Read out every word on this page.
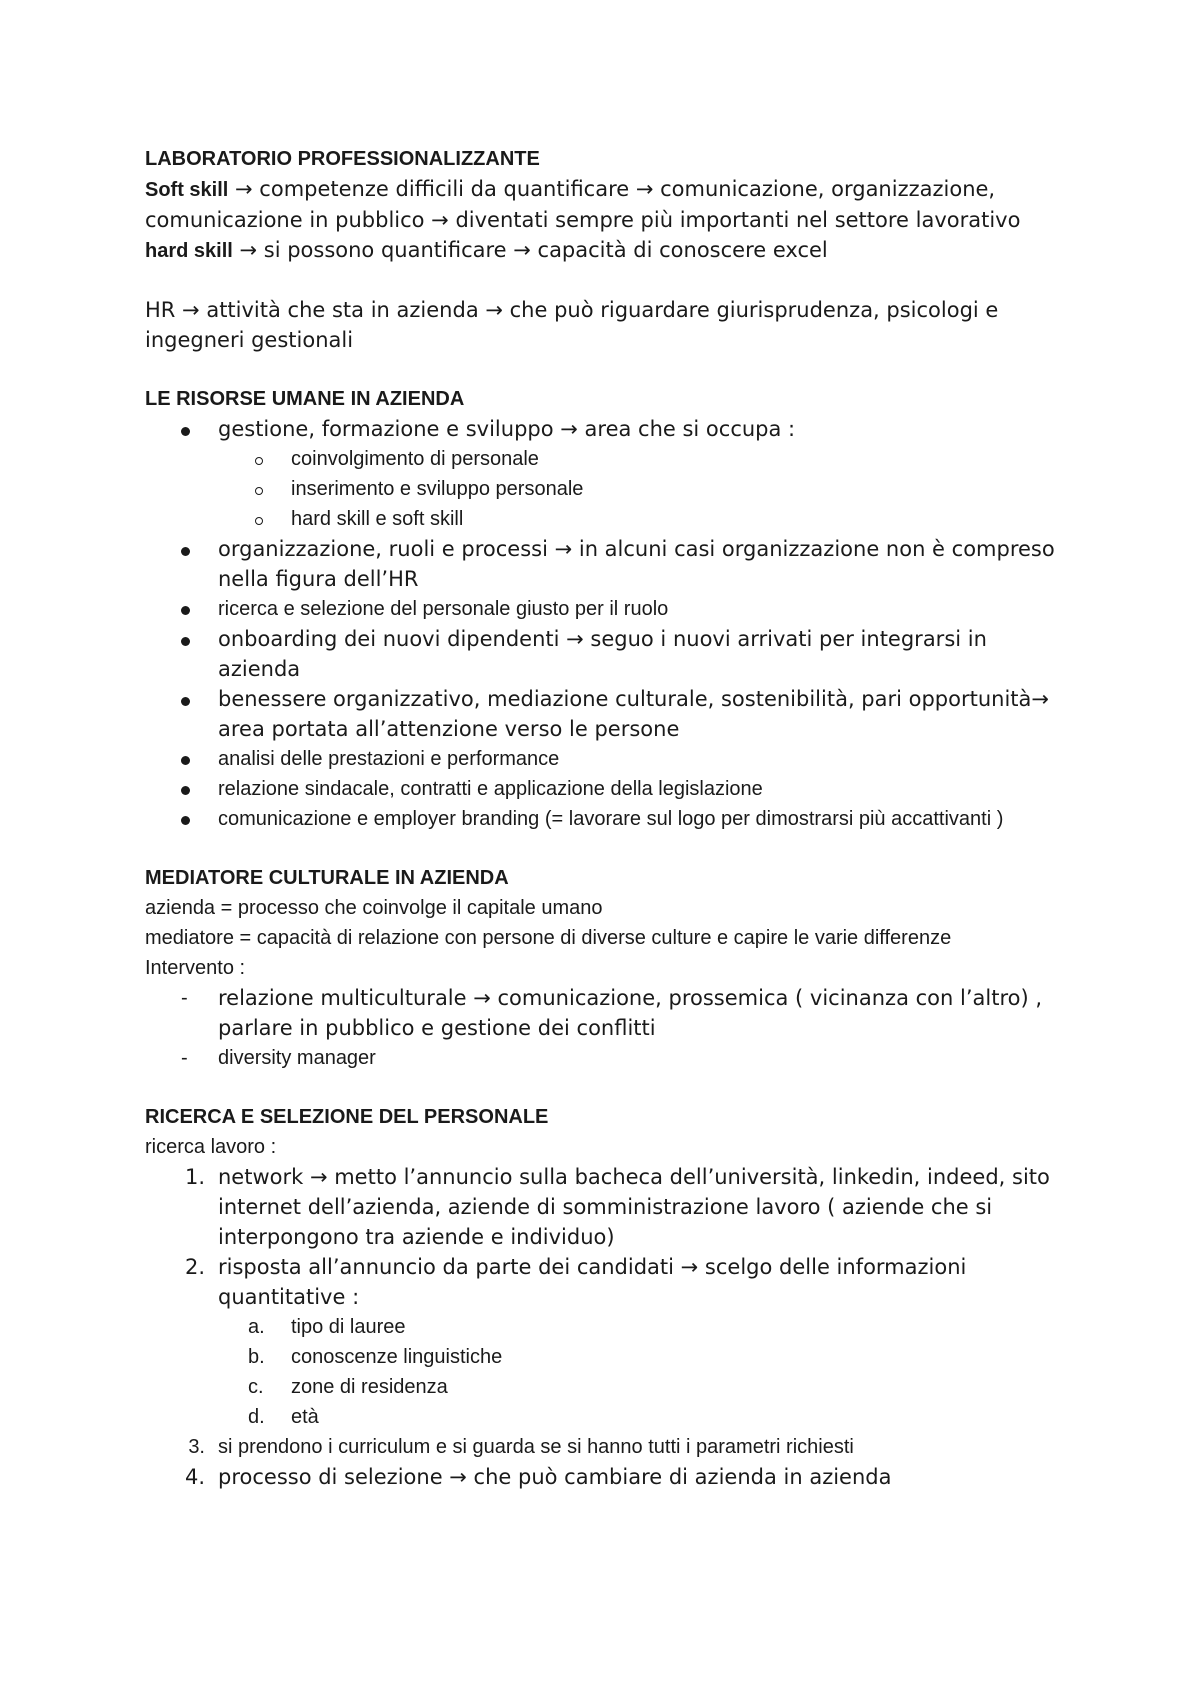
LABORATORIO PROFESSIONALIZZANTE

Soft skill → competenze difficili da quantificare → comunicazione, organizzazione, comunicazione in pubblico → diventati sempre più importanti nel settore lavorativo

hard skill → si possono quantificare → capacità di conoscere excel

HR → attività che sta in azienda → che può riguardare giurisprudenza, psicologi e ingegneri gestionali

LE RISORSE UMANE IN AZIENDA

gestione, formazione e sviluppo → area che si occupa :
coinvolgimento di personale
inserimento e sviluppo personale
hard skill e soft skill
organizzazione, ruoli e processi → in alcuni casi organizzazione non è compreso nella figura dell’HR
ricerca e selezione del personale giusto per il ruolo
onboarding dei nuovi dipendenti → seguo i nuovi arrivati per integrarsi in azienda
benessere organizzativo, mediazione culturale, sostenibilità, pari opportunità→ area portata all’attenzione verso le persone
analisi delle prestazioni e performance
relazione sindacale, contratti e applicazione della legislazione
comunicazione e employer branding (= lavorare sul logo per dimostrarsi più accattivanti )

MEDIATORE CULTURALE IN AZIENDA

azienda = processo che coinvolge il capitale umano

mediatore = capacità di relazione con persone di diverse culture e capire le varie differenze

Intervento :

- relazione multiculturale → comunicazione, prossemica ( vicinanza con l’altro) , parlare in pubblico e gestione dei conflitti
- diversity manager

RICERCA E SELEZIONE DEL PERSONALE

ricerca lavoro :

1. network → metto l’annuncio sulla bacheca dell’università, linkedin, indeed, sito internet dell’azienda, aziende di somministrazione lavoro ( aziende che si interpongono tra aziende e individuo)
2. risposta all’annuncio da parte dei candidati → scelgo delle informazioni quantitative :
a. tipo di lauree
b. conoscenze linguistiche
c. zone di residenza
d. età
3. si prendono i curriculum e si guarda se si hanno tutti i parametri richiesti
4. processo di selezione → che può cambiare di azienda in azienda
